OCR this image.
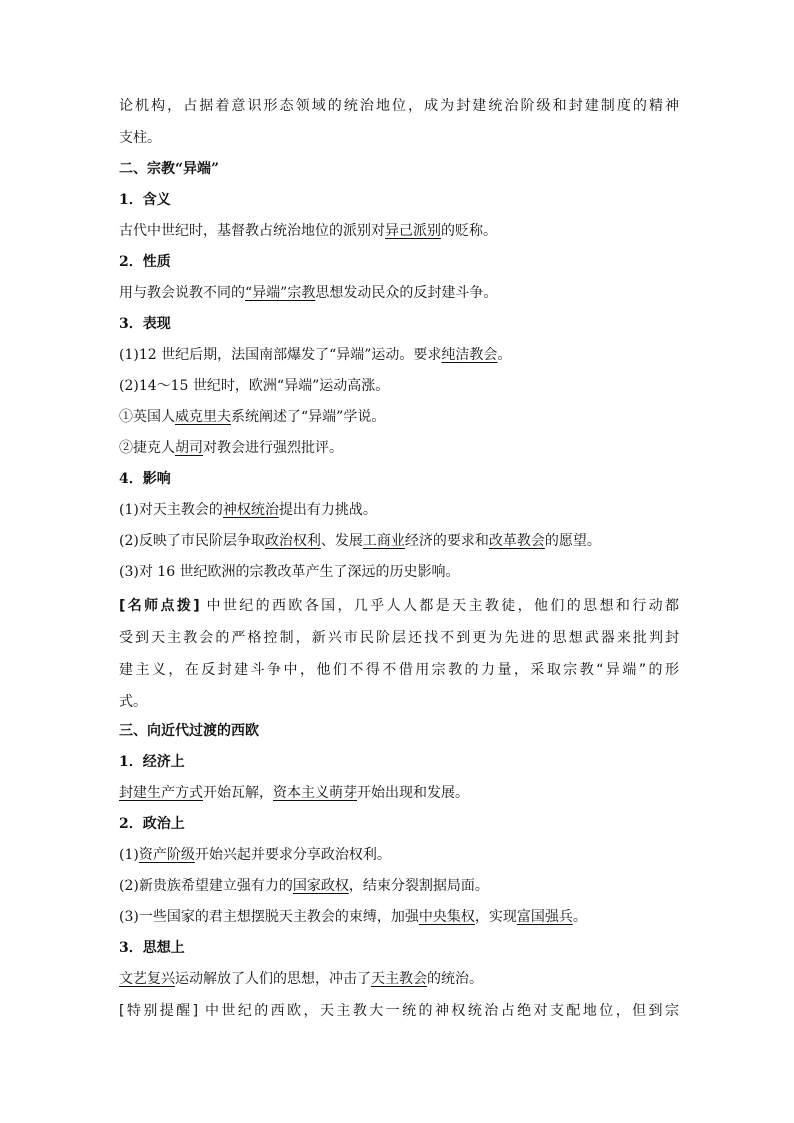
论机构，占据着意识形态领域的统治地位，成为封建统治阶级和封建制度的精神
支柱。
二、宗教“异端”
1．含义
古代中世纪时，基督教占统治地位的派别对异己派别的贬称。
2．性质
用与教会说教不同的“异端”宗教思想发动民众的反封建斗争。
3．表现
(1)12 世纪后期，法国南部爆发了“异端”运动。要求纯洁教会。
(2)14～15 世纪时，欧洲“异端”运动高涨。
①英国人威克里夫系统阐述了“异端”学说。
②捷克人胡司对教会进行强烈批评。
4．影响
(1)对天主教会的神权统治提出有力挑战。
(2)反映了市民阶层争取政治权利、发展工商业经济的要求和改革教会的愿望。
(3)对 16 世纪欧洲的宗教改革产生了深远的历史影响。
[名师点拨] 中世纪的西欧各国，几乎人人都是天主教徒，他们的思想和行动都
受到天主教会的严格控制，新兴市民阶层还找不到更为先进的思想武器来批判封
建主义，在反封建斗争中，他们不得不借用宗教的力量，采取宗教“异端”的形
式。
三、向近代过渡的西欧
1．经济上
封建生产方式开始瓦解，资本主义萌芽开始出现和发展。
2．政治上
(1)资产阶级开始兴起并要求分享政治权利。
(2)新贵族希望建立强有力的国家政权，结束分裂割据局面。
(3)一些国家的君主想摆脱天主教会的束缚，加强中央集权，实现富国强兵。
3．思想上
文艺复兴运动解放了人们的思想，冲击了天主教会的统治。
[特别提醒] 中世纪的西欧，天主教大一统的神权统治占绝对支配地位，但到宗
